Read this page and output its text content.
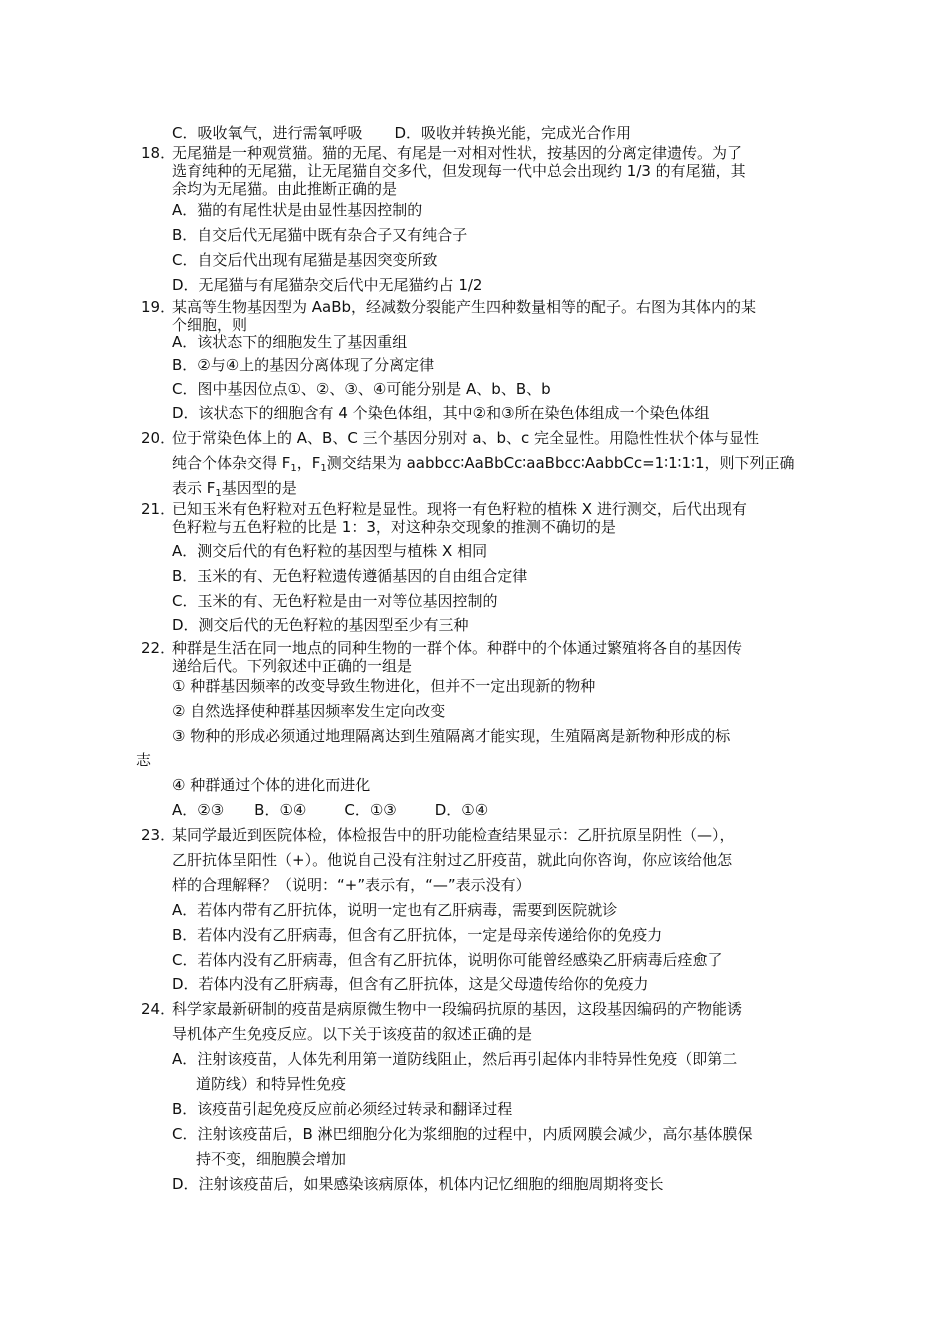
C．吸收氧气，进行需氧呼吸 D．吸收并转换光能，完成光合作用
18．
无尾猫是一种观赏猫。猫的无尾、有尾是一对相对性状，按基因的分离定律遗传。为了
选育纯种的无尾猫，让无尾猫自交多代，但发现每一代中总会出现约 1/3 的有尾猫，其
余均为无尾猫。由此推断正确的是
A．猫的有尾性状是由显性基因控制的
B．自交后代无尾猫中既有杂合子又有纯合子
C．自交后代出现有尾猫是基因突变所致
D．无尾猫与有尾猫杂交后代中无尾猫约占 1/2
19．
某高等生物基因型为 AaBb，经减数分裂能产生四种数量相等的配子。右图为其体内的某
个细胞，则
A．该状态下的细胞发生了基因重组
B．②与④上的基因分离体现了分离定律
C．图中基因位点①、②、③、④可能分别是 A、b、B、b
D．该状态下的细胞含有 4 个染色体组，其中②和③所在染色体组成一个染色体组
20．
位于常染色体上的 A、B、C 三个基因分别对 a、b、c 完全显性。用隐性性状个体与显性
纯合个体杂交得 $F_1$，$F_1$测交结果为 aabbcc∶AaBbCc∶aaBbcc∶AabbCc=1∶1∶1∶1，则下列正确
表示 $F_1$基因型的是
21．
已知玉米有色籽粒对五色籽粒是显性。现将一有色籽粒的植株 X 进行测交，后代出现有
色籽粒与五色籽粒的比是 1：3，对这种杂交现象的推测不确切的是
A．测交后代的有色籽粒的基因型与植株 X 相同
B．玉米的有、无色籽粒遗传遵循基因的自由组合定律
C．玉米的有、无色籽粒是由一对等位基因控制的
D．测交后代的无色籽粒的基因型至少有三种
22．
种群是生活在同一地点的同种生物的一群个体。种群中的个体通过繁殖将各自的基因传
递给后代。下列叙述中正确的一组是
① 种群基因频率的改变导致生物进化，但并不一定出现新的物种
② 自然选择使种群基因频率发生定向改变
③ 物种的形成必须通过地理隔离达到生殖隔离才能实现，生殖隔离是新物种形成的标
志
④ 种群通过个体的进化而进化
A．②③ B．①④	C．①③	D．①④
23．
某同学最近到医院体检，体检报告中的肝功能检查结果显示：乙肝抗原呈阴性（—），
乙肝抗体呈阳性（+）。他说自己没有注射过乙肝疫苗，就此向你咨询，你应该给他怎
样的合理解释？（说明：“+”表示有，“—”表示没有）
A．若体内带有乙肝抗体，说明一定也有乙肝病毒，需要到医院就诊
B．若体内没有乙肝病毒，但含有乙肝抗体，一定是母亲传递给你的免疫力
C．若体内没有乙肝病毒，但含有乙肝抗体，说明你可能曾经感染乙肝病毒后痊愈了
D．若体内没有乙肝病毒，但含有乙肝抗体，这是父母遗传给你的免疫力
24．
科学家最新研制的疫苗是病原微生物中一段编码抗原的基因，这段基因编码的产物能诱
导机体产生免疫反应。以下关于该疫苗的叙述正确的是
A．注射该疫苗，人体先利用第一道防线阻止，然后再引起体内非特异性免疫（即第二
道防线）和特异性免疫
B．该疫苗引起免疫反应前必须经过转录和翻译过程
C．注射该疫苗后，B 淋巴细胞分化为浆细胞的过程中，内质网膜会减少，高尔基体膜保
持不变，细胞膜会增加
D．注射该疫苗后，如果感染该病原体，机体内记忆细胞的细胞周期将变长
